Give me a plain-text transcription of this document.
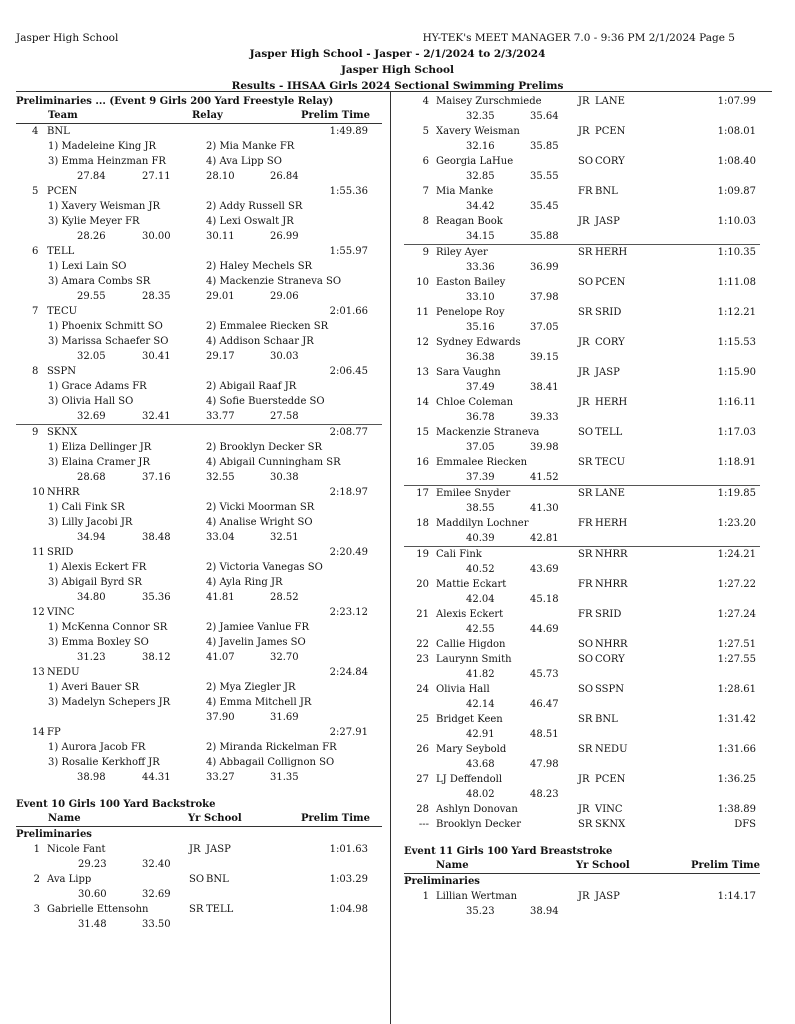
Jasper High School	HY-TEK's MEET MANAGER 7.0 - 9:36 PM 2/1/2024 Page 5
Jasper High School - Jasper - 2/1/2024 to 2/3/2024
Jasper High School
Results - IHSAA Girls 2024 Sectional Swimming Prelims
Preliminaries ... (Event 9 Girls 200 Yard Freestyle Relay)
Team	Relay	Prelim Time
4 BNL	1:49.89
1) Madeleine King JR	2) Mia Manke FR
3) Emma Heinzman FR	4) Ava Lipp SO
27.84	27.11	28.10	26.84
5 PCEN	1:55.36
1) Xavery Weisman JR	2) Addy Russell SR
3) Kylie Meyer FR	4) Lexi Oswalt JR
28.26	30.00	30.11	26.99
6 TELL	1:55.97
1) Lexi Lain SO	2) Haley Mechels SR
3) Amara Combs SR	4) Mackenzie Straneva SO
29.55	28.35	29.01	29.06
7 TECU	2:01.66
1) Phoenix Schmitt SO	2) Emmalee Riecken SR
3) Marissa Schaefer SO	4) Addison Schaar JR
32.05	30.41	29.17	30.03
8 SSPN	2:06.45
1) Grace Adams FR	2) Abigail Raaf JR
3) Olivia Hall SO	4) Sofie Buerstedde SO
32.69	32.41	33.77	27.58
9 SKNX	2:08.77
1) Eliza Dellinger JR	2) Brooklyn Decker SR
3) Elaina Cramer JR	4) Abigail Cunningham SR
28.68	37.16	32.55	30.38
10 NHRR	2:18.97
1) Cali Fink SR	2) Vicki Moorman SR
3) Lilly Jacobi JR	4) Analise Wright SO
34.94	38.48	33.04	32.51
11 SRID	2:20.49
1) Alexis Eckert FR	2) Victoria Vanegas SO
3) Abigail Byrd SR	4) Ayla Ring JR
34.80	35.36	41.81	28.52
12 VINC	2:23.12
1) McKenna Connor SR	2) Jamiee Vanlue FR
3) Emma Boxley SO	4) Javelin James SO
31.23	38.12	41.07	32.70
13 NEDU	2:24.84
1) Averi Bauer SR	2) Mya Ziegler JR
3) Madelyn Schepers JR	4) Emma Mitchell JR
37.90	31.69
14 FP	2:27.91
1) Aurora Jacob FR	2) Miranda Rickelman FR
3) Rosalie Kerkhoff JR	4) Abbagail Collignon SO
38.98	44.31	33.27	31.35
Event 10 Girls 100 Yard Backstroke
Name	Yr School	Prelim Time
Preliminaries
1 Nicole Fant	JR JASP	1:01.63
29.23	32.40
2 Ava Lipp	SO BNL	1:03.29
30.60	32.69
3 Gabrielle Ettensohn	SR TELL	1:04.98
31.48	33.50
4 Maisey Zurschmiede	JR LANE	1:07.99
32.35	35.64
5 Xavery Weisman	JR PCEN	1:08.01
32.16	35.85
6 Georgia LaHue	SO CORY	1:08.40
32.85	35.55
7 Mia Manke	FR BNL	1:09.87
34.42	35.45
8 Reagan Book	JR JASP	1:10.03
34.15	35.88
9 Riley Ayer	SR HERH	1:10.35
33.36	36.99
10 Easton Bailey	SO PCEN	1:11.08
33.10	37.98
11 Penelope Roy	SR SRID	1:12.21
35.16	37.05
12 Sydney Edwards	JR CORY	1:15.53
36.38	39.15
13 Sara Vaughn	JR JASP	1:15.90
37.49	38.41
14 Chloe Coleman	JR HERH	1:16.11
36.78	39.33
15 Mackenzie Straneva	SO TELL	1:17.03
37.05	39.98
16 Emmalee Riecken	SR TECU	1:18.91
37.39	41.52
17 Emilee Snyder	SR LANE	1:19.85
38.55	41.30
18 Maddilyn Lochner	FR HERH	1:23.20
40.39	42.81
19 Cali Fink	SR NHRR	1:24.21
40.52	43.69
20 Mattie Eckart	FR NHRR	1:27.22
42.04	45.18
21 Alexis Eckert	FR SRID	1:27.24
42.55	44.69
22 Callie Higdon	SO NHRR	1:27.51
23 Laurynn Smith	SO CORY	1:27.55
41.82	45.73
24 Olivia Hall	SO SSPN	1:28.61
42.14	46.47
25 Bridget Keen	SR BNL	1:31.42
42.91	48.51
26 Mary Seybold	SR NEDU	1:31.66
43.68	47.98
27 LJ Deffendoll	JR PCEN	1:36.25
48.02	48.23
28 Ashlyn Donovan	JR VINC	1:38.89
--- Brooklyn Decker	SR SKNX	DFS
Event 11 Girls 100 Yard Breaststroke
Name	Yr School	Prelim Time
Preliminaries
1 Lillian Wertman	JR JASP	1:14.17
35.23	38.94
